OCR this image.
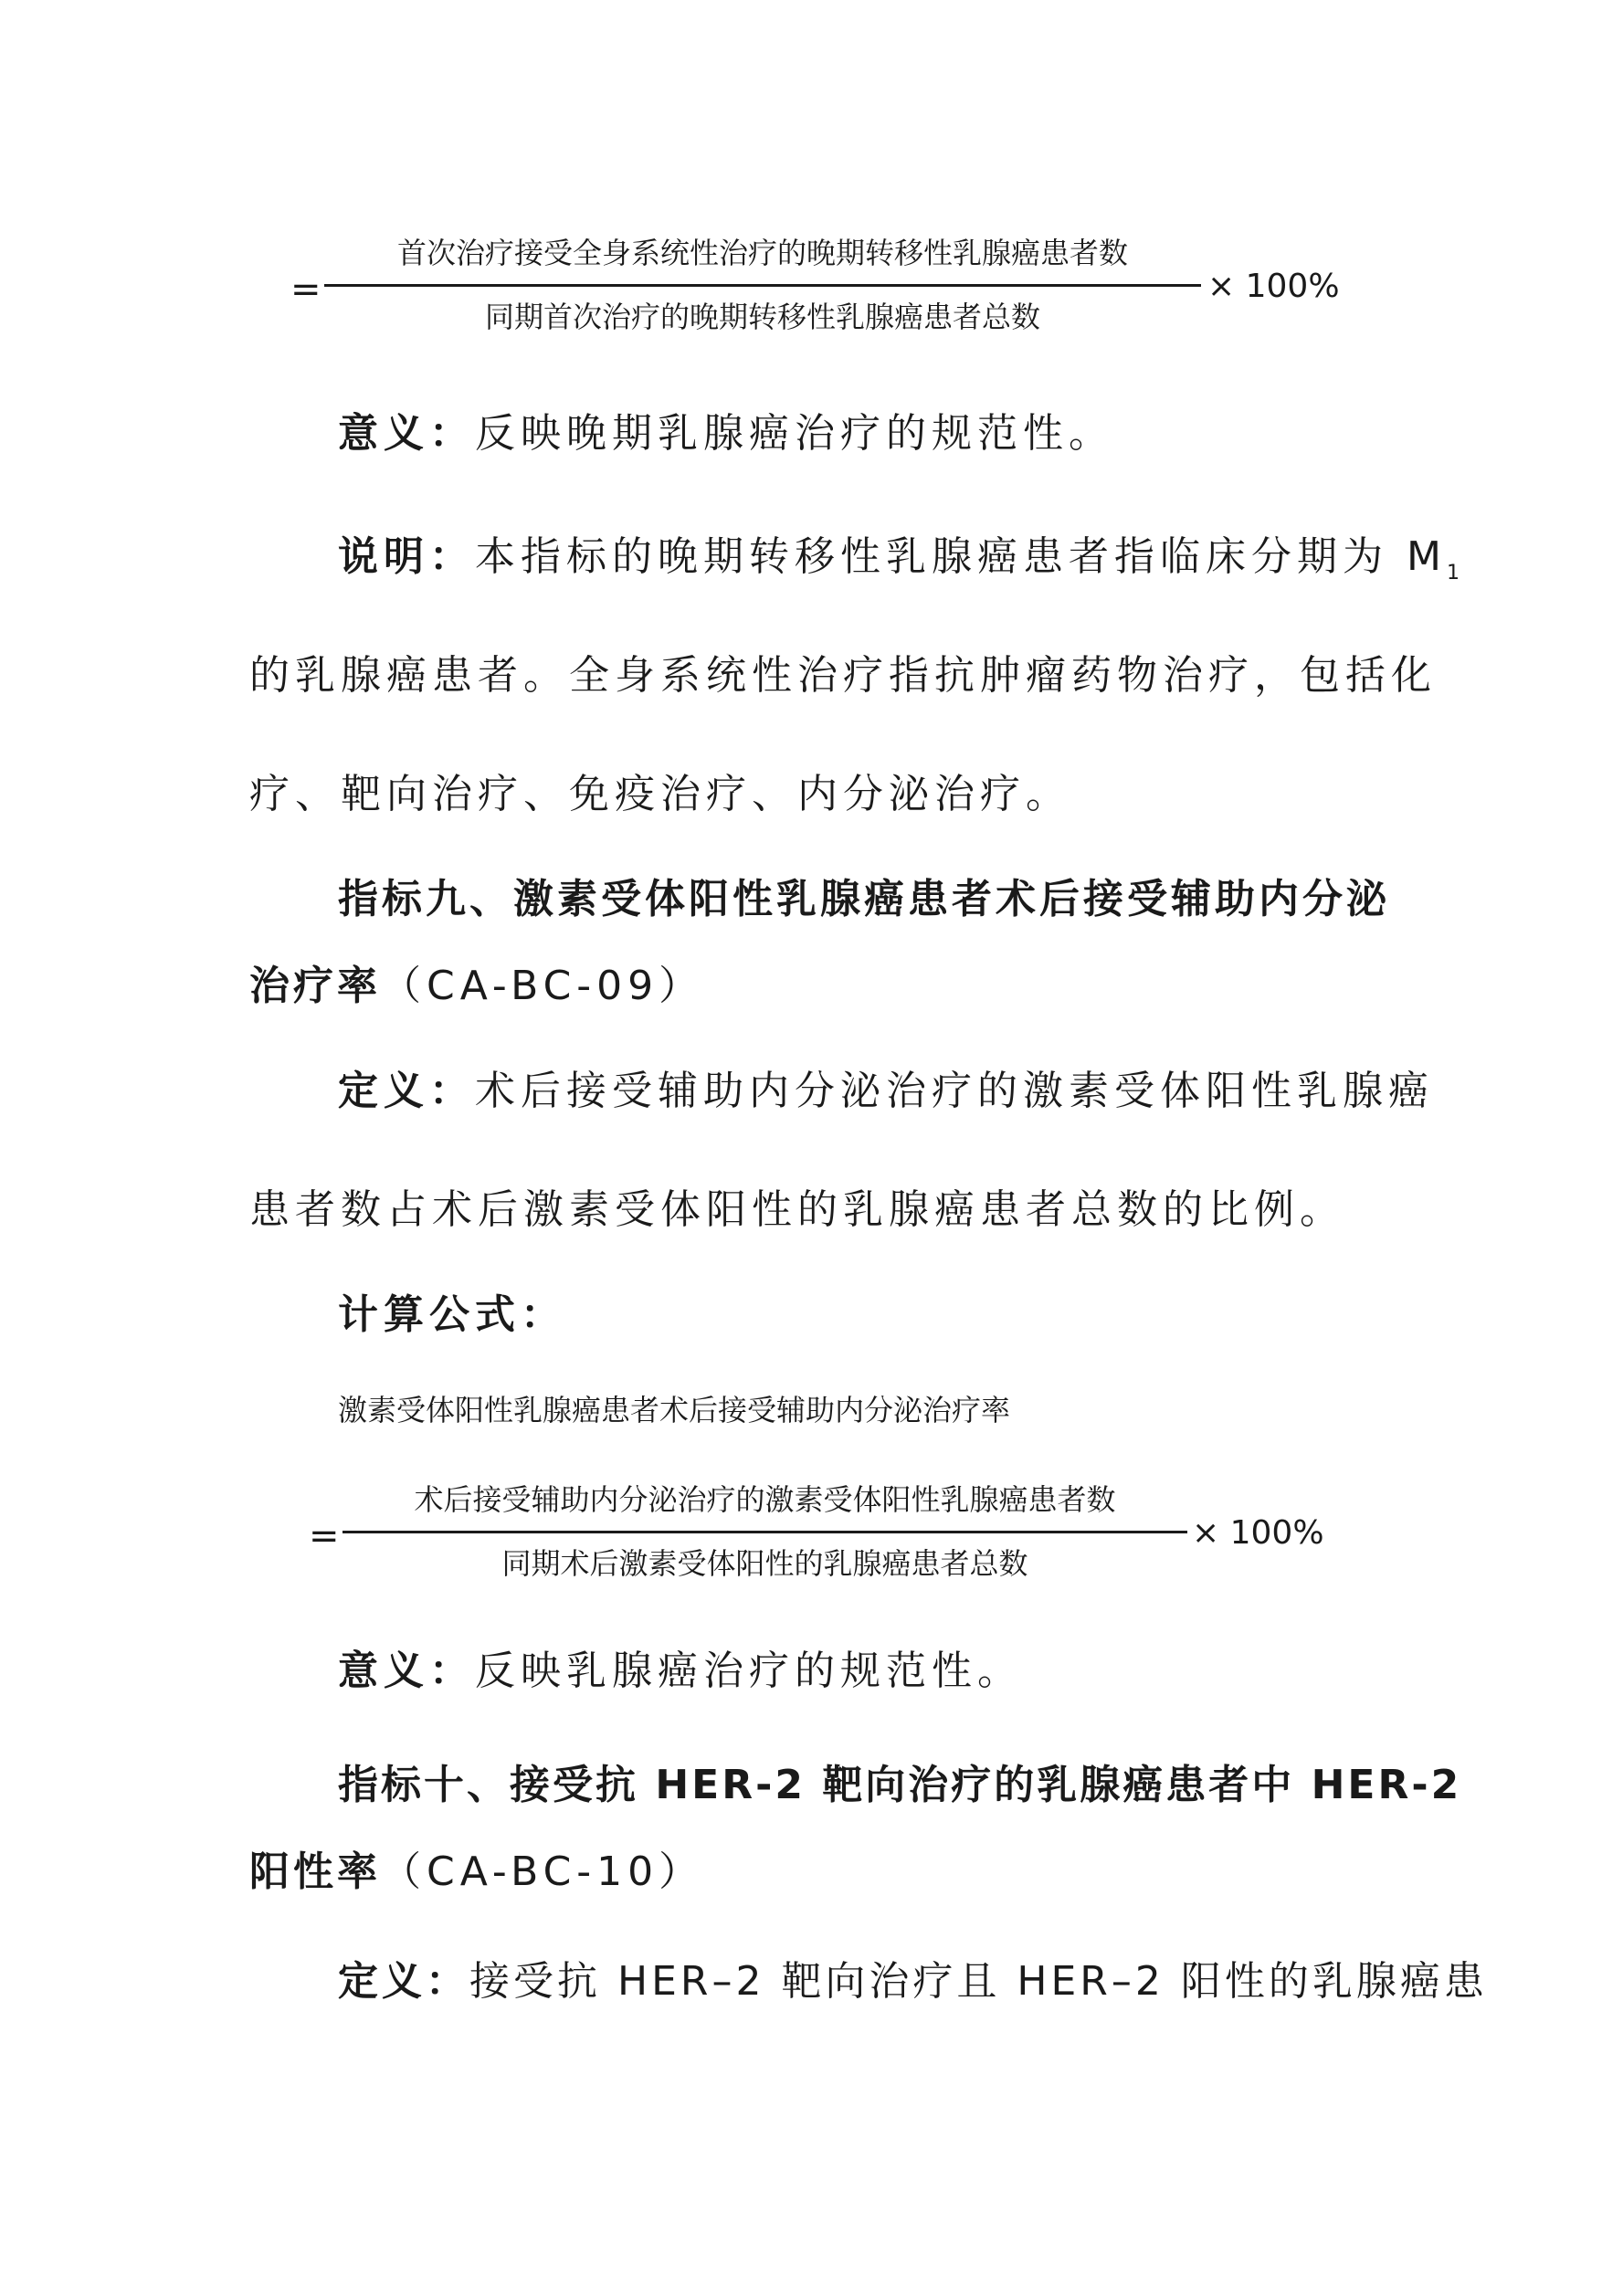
=
首次治疗接受全身系统性治疗的晚期转移性乳腺癌患者数
同期首次治疗的晚期转移性乳腺癌患者总数
× 100%
意义：反映晚期乳腺癌治疗的规范性。
说明：本指标的晚期转移性乳腺癌患者指临床分期为 $M_1$
的乳腺癌患者。全身系统性治疗指抗肿瘤药物治疗，包括化
疗、靶向治疗、免疫治疗、内分泌治疗。
指标九、激素受体阳性乳腺癌患者术后接受辅助内分泌
治疗率（CA-BC-09）
定义：术后接受辅助内分泌治疗的激素受体阳性乳腺癌
患者数占术后激素受体阳性的乳腺癌患者总数的比例。
计算公式：
激素受体阳性乳腺癌患者术后接受辅助内分泌治疗率
=
术后接受辅助内分泌治疗的激素受体阳性乳腺癌患者数
同期术后激素受体阳性的乳腺癌患者总数
× 100%
意义：反映乳腺癌治疗的规范性。
指标十、接受抗 HER-2 靶向治疗的乳腺癌患者中 HER-2
阳性率（CA-BC-10）
定义：接受抗 HER–2 靶向治疗且 HER–2 阳性的乳腺癌患
